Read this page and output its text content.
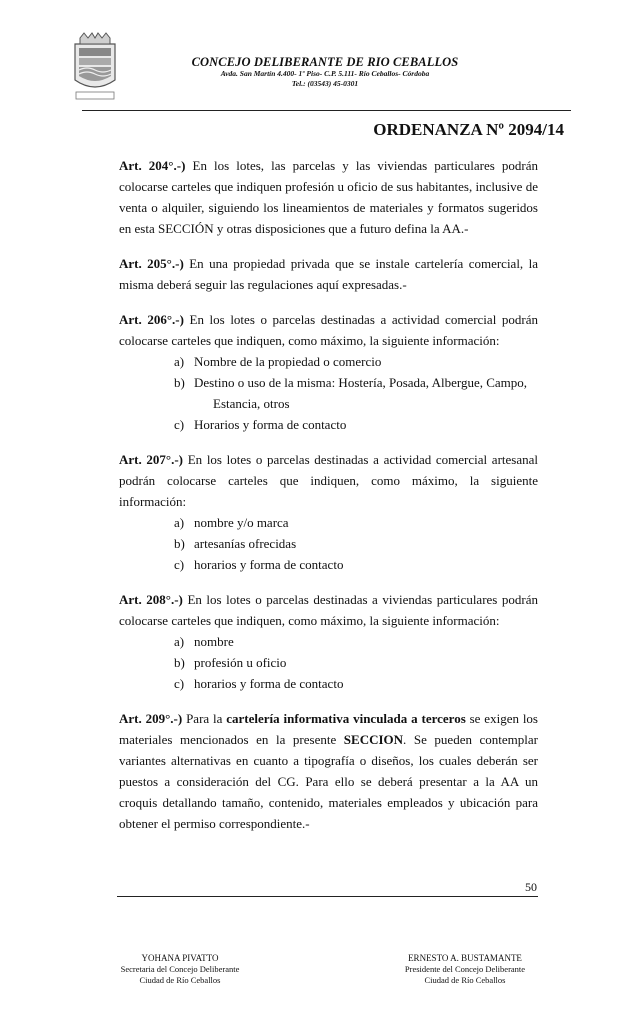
CONCEJO DELIBERANTE DE RIO CEBALLOS
Avda. San Martín 4.400- 1º Piso- C.P. 5.111- Río Ceballos- Córdoba
Tel.: (03543) 45-0301
ORDENANZA Nº 2094/14

Art. 204°.-) En los lotes, las parcelas y las viviendas particulares podrán colocarse carteles que indiquen profesión u oficio de sus habitantes, inclusive de venta o alquiler, siguiendo los lineamientos de materiales y formatos sugeridos en esta SECCIÓN y otras disposiciones que a futuro defina la AA.-

Art. 205°.-) En una propiedad privada que se instale cartelería comercial, la misma deberá seguir las regulaciones aquí expresadas.-

Art. 206°.-) En los lotes o parcelas destinadas a actividad comercial podrán colocarse carteles que indiquen, como máximo, la siguiente información:

a) Nombre de la propiedad o comercio
b) Destino o uso de la misma: Hostería, Posada, Albergue, Campo,
Estancia, otros
c) Horarios y forma de contacto

Art. 207°.-) En los lotes o parcelas destinadas a actividad comercial artesanal podrán colocarse carteles que indiquen, como máximo, la siguiente información:

a) nombre y/o marca
b) artesanías ofrecidas
c) horarios y forma de contacto

Art. 208°.-) En los lotes o parcelas destinadas a viviendas particulares podrán colocarse carteles que indiquen, como máximo, la siguiente información:

a) nombre
b) profesión u oficio
c) horarios y forma de contacto

Art. 209°.-) Para la cartelería informativa vinculada a terceros se exigen los materiales mencionados en la presente SECCION. Se pueden contemplar variantes alternativas en cuanto a tipografía o diseños, los cuales deberán ser puestos a consideración del CG. Para ello se deberá presentar a la AA un croquis detallando tamaño, contenido, materiales empleados y ubicación para obtener el permiso correspondiente.-

50
YOHANA PIVATTO
Secretaria del Concejo Deliberante
Ciudad de Río Ceballos
ERNESTO A. BUSTAMANTE
Presidente del Concejo Deliberante
Ciudad de Río Ceballos
